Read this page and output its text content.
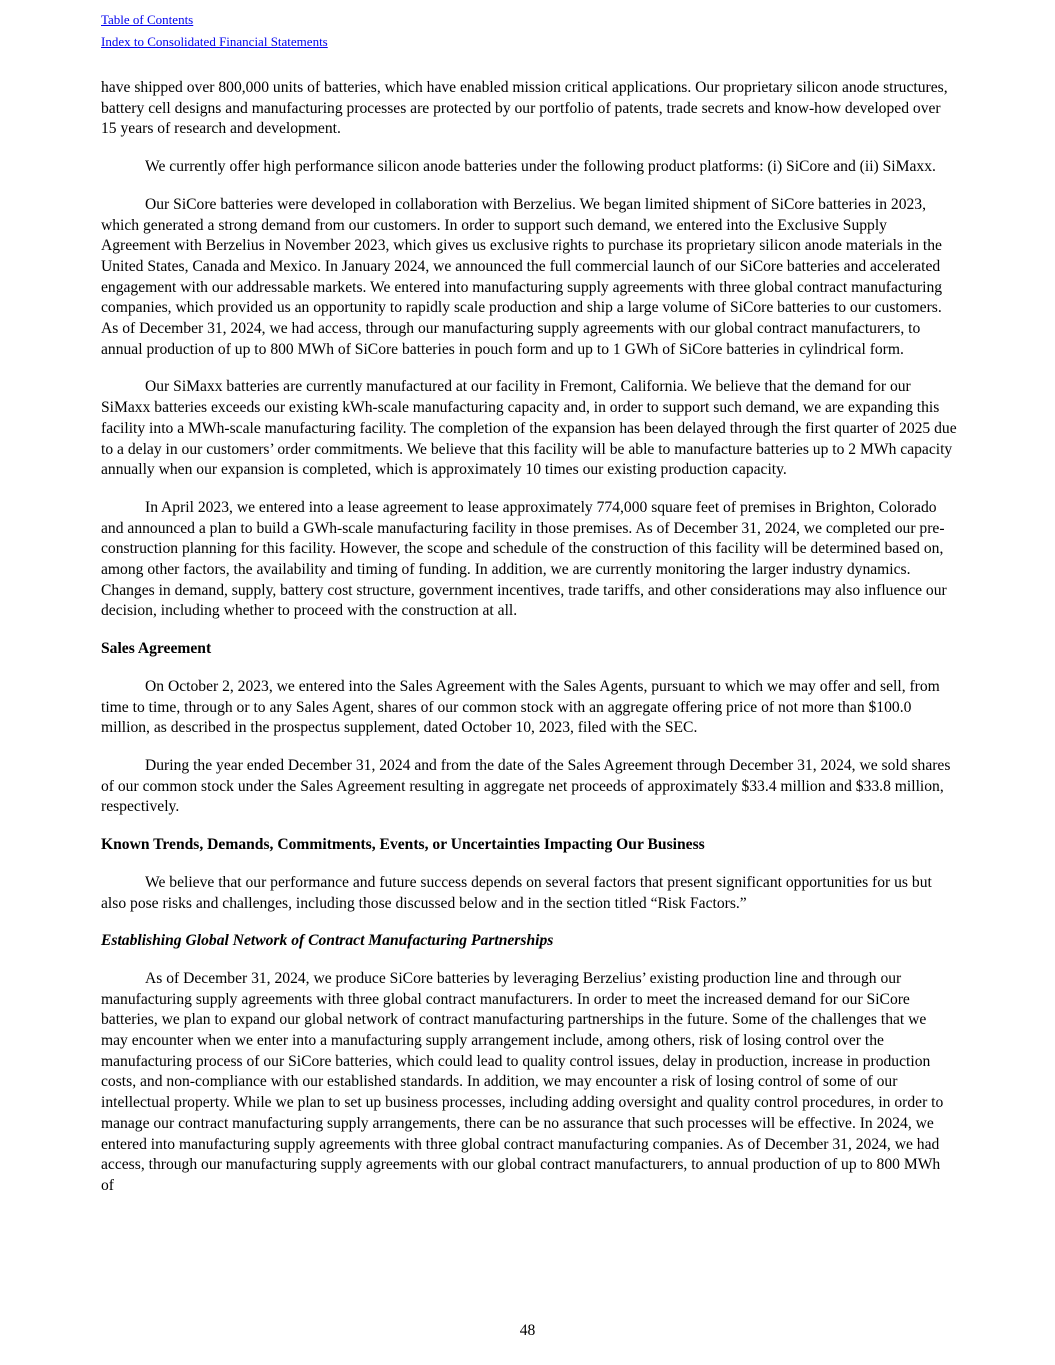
Table of Contents
Index to Consolidated Financial Statements

have shipped over 800,000 units of batteries, which have enabled mission critical applications. Our proprietary silicon anode structures, battery cell designs and manufacturing processes are protected by our portfolio of patents, trade secrets and know-how developed over 15 years of research and development.

We currently offer high performance silicon anode batteries under the following product platforms: (i) SiCore and (ii) SiMaxx.

Our SiCore batteries were developed in collaboration with Berzelius. We began limited shipment of SiCore batteries in 2023, which generated a strong demand from our customers. In order to support such demand, we entered into the Exclusive Supply Agreement with Berzelius in November 2023, which gives us exclusive rights to purchase its proprietary silicon anode materials in the United States, Canada and Mexico. In January 2024, we announced the full commercial launch of our SiCore batteries and accelerated engagement with our addressable markets. We entered into manufacturing supply agreements with three global contract manufacturing companies, which provided us an opportunity to rapidly scale production and ship a large volume of SiCore batteries to our customers. As of December 31, 2024, we had access, through our manufacturing supply agreements with our global contract manufacturers, to annual production of up to 800 MWh of SiCore batteries in pouch form and up to 1 GWh of SiCore batteries in cylindrical form.

Our SiMaxx batteries are currently manufactured at our facility in Fremont, California. We believe that the demand for our SiMaxx batteries exceeds our existing kWh-scale manufacturing capacity and, in order to support such demand, we are expanding this facility into a MWh-scale manufacturing facility. The completion of the expansion has been delayed through the first quarter of 2025 due to a delay in our customers’ order commitments. We believe that this facility will be able to manufacture batteries up to 2 MWh capacity annually when our expansion is completed, which is approximately 10 times our existing production capacity.

In April 2023, we entered into a lease agreement to lease approximately 774,000 square feet of premises in Brighton, Colorado and announced a plan to build a GWh-scale manufacturing facility in those premises. As of December 31, 2024, we completed our pre-construction planning for this facility. However, the scope and schedule of the construction of this facility will be determined based on, among other factors, the availability and timing of funding. In addition, we are currently monitoring the larger industry dynamics. Changes in demand, supply, battery cost structure, government incentives, trade tariffs, and other considerations may also influence our decision, including whether to proceed with the construction at all.

Sales Agreement

On October 2, 2023, we entered into the Sales Agreement with the Sales Agents, pursuant to which we may offer and sell, from time to time, through or to any Sales Agent, shares of our common stock with an aggregate offering price of not more than $100.0 million, as described in the prospectus supplement, dated October 10, 2023, filed with the SEC.

During the year ended December 31, 2024 and from the date of the Sales Agreement through December 31, 2024, we sold shares of our common stock under the Sales Agreement resulting in aggregate net proceeds of approximately $33.4 million and $33.8 million, respectively.

Known Trends, Demands, Commitments, Events, or Uncertainties Impacting Our Business

We believe that our performance and future success depends on several factors that present significant opportunities for us but also pose risks and challenges, including those discussed below and in the section titled “Risk Factors.”

Establishing Global Network of Contract Manufacturing Partnerships

As of December 31, 2024, we produce SiCore batteries by leveraging Berzelius’ existing production line and through our manufacturing supply agreements with three global contract manufacturers. In order to meet the increased demand for our SiCore batteries, we plan to expand our global network of contract manufacturing partnerships in the future. Some of the challenges that we may encounter when we enter into a manufacturing supply arrangement include, among others, risk of losing control over the manufacturing process of our SiCore batteries, which could lead to quality control issues, delay in production, increase in production costs, and non-compliance with our established standards. In addition, we may encounter a risk of losing control of some of our intellectual property. While we plan to set up business processes, including adding oversight and quality control procedures, in order to manage our contract manufacturing supply arrangements, there can be no assurance that such processes will be effective. In 2024, we entered into manufacturing supply agreements with three global contract manufacturing companies. As of December 31, 2024, we had access, through our manufacturing supply agreements with our global contract manufacturers, to annual production of up to 800 MWh of

48
